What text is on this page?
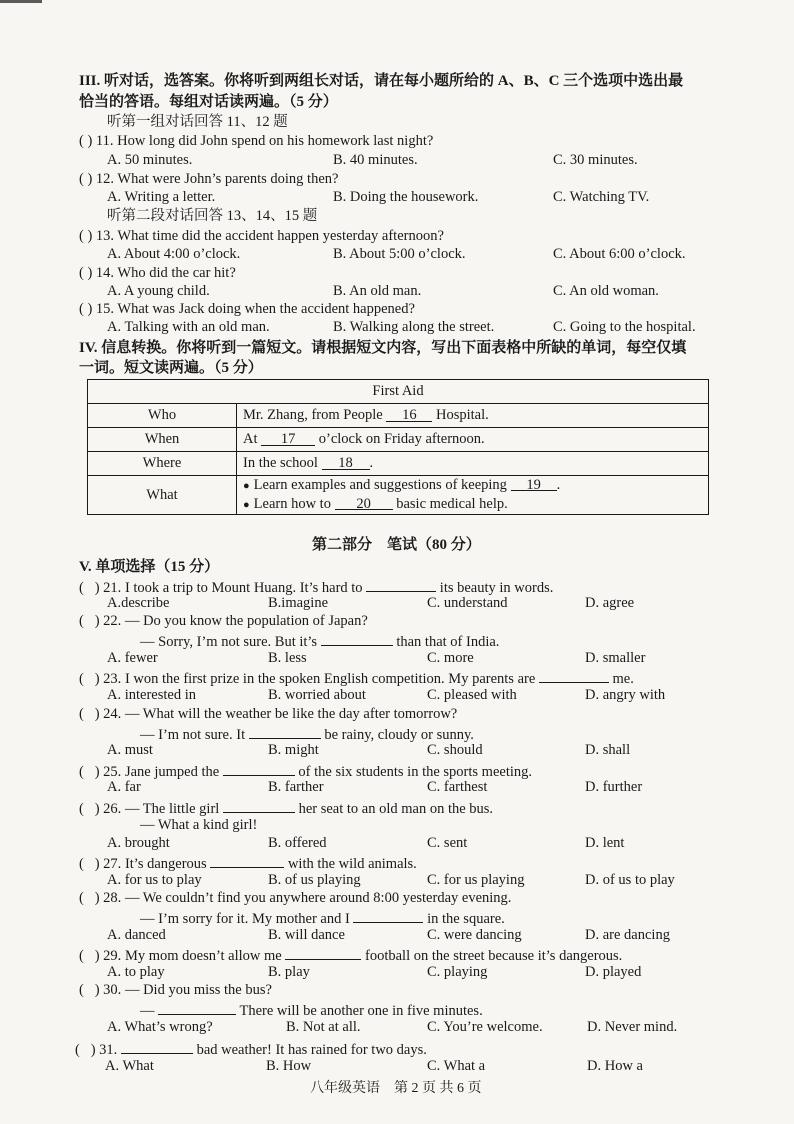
III. 听对话，选答案。你将听到两组长对话，请在每小题所给的 A、B、C 三个选项中选出最
恰当的答语。每组对话读两遍。（5 分）
听第一组对话回答 11、12 题
( ) 11. How long did John spend on his homework last night?
A. 50 minutes.	B. 40 minutes.	C. 30 minutes.
( ) 12. What were John’s parents doing then?
A. Writing a letter.	B. Doing the housework.	C. Watching TV.
听第二段对话回答 13、14、15 题
( ) 13. What time did the accident happen yesterday afternoon?
A. About 4:00 o’clock.	B. About 5:00 o’clock.	C. About 6:00 o’clock.
( ) 14. Who did the car hit?
A. A young child.	B. An old man.	C. An old woman.
( ) 15. What was Jack doing when the accident happened?
A. Talking with an old man.	B. Walking along the street.	C. Going to the hospital.
IV. 信息转换。你将听到一篇短文。请根据短文内容，写出下面表格中所缺的单词，每空仅填
一词。短文读两遍。（5 分）
First Aid	
Who	Mr. Zhang, from People 16 Hospital.
When	At 17 o’clock on Friday afternoon.
Where	In the school 18 .
What	● Learn examples and suggestions of keeping 19 .
● Learn how to 20 basic medical help.
第二部分　笔试（80 分）
V. 单项选择（15 分）
( ) 21. I took a trip to Mount Huang. It’s hard to	its beauty in words.
A.describe	B.imagine	C. understand	D. agree
( ) 22. — Do you know the population of Japan?
— Sorry, I’m not sure. But it’s	than that of India.
A. fewer	B. less	C. more	D. smaller
( ) 23. I won the first prize in the spoken English competition. My parents are	me.
A. interested in	B. worried about	C. pleased with	D. angry with
( ) 24. — What will the weather be like the day after tomorrow?
— I’m not sure. It	be rainy, cloudy or sunny.
A. must	B. might	C. should	D. shall
( ) 25. Jane jumped the	of the six students in the sports meeting.
A. far	B. farther	C. farthest	D. further
( ) 26. — The little girl	her seat to an old man on the bus.
— What a kind girl!
A. brought	B. offered	C. sent	D. lent
( ) 27. It’s dangerous	with the wild animals.
A. for us to play	B. of us playing	C. for us playing	D. of us to play
( ) 28. — We couldn’t find you anywhere around 8:00 yesterday evening.
— I’m sorry for it. My mother and I	in the square.
A. danced	B. will dance	C. were dancing	D. are dancing
( ) 29. My mom doesn’t allow me	football on the street because it’s dangerous.
A. to play	B. play	C. playing	D. played
( ) 30. — Did you miss the bus?
—	There will be another one in five minutes.
A. What’s wrong?	B. Not at all.	C. You’re welcome.	D. Never mind.
( ) 31.	bad weather! It has rained for two days.
A. What	B. How	C. What a	D. How a
八年级英语　第 2 页 共 6 页
